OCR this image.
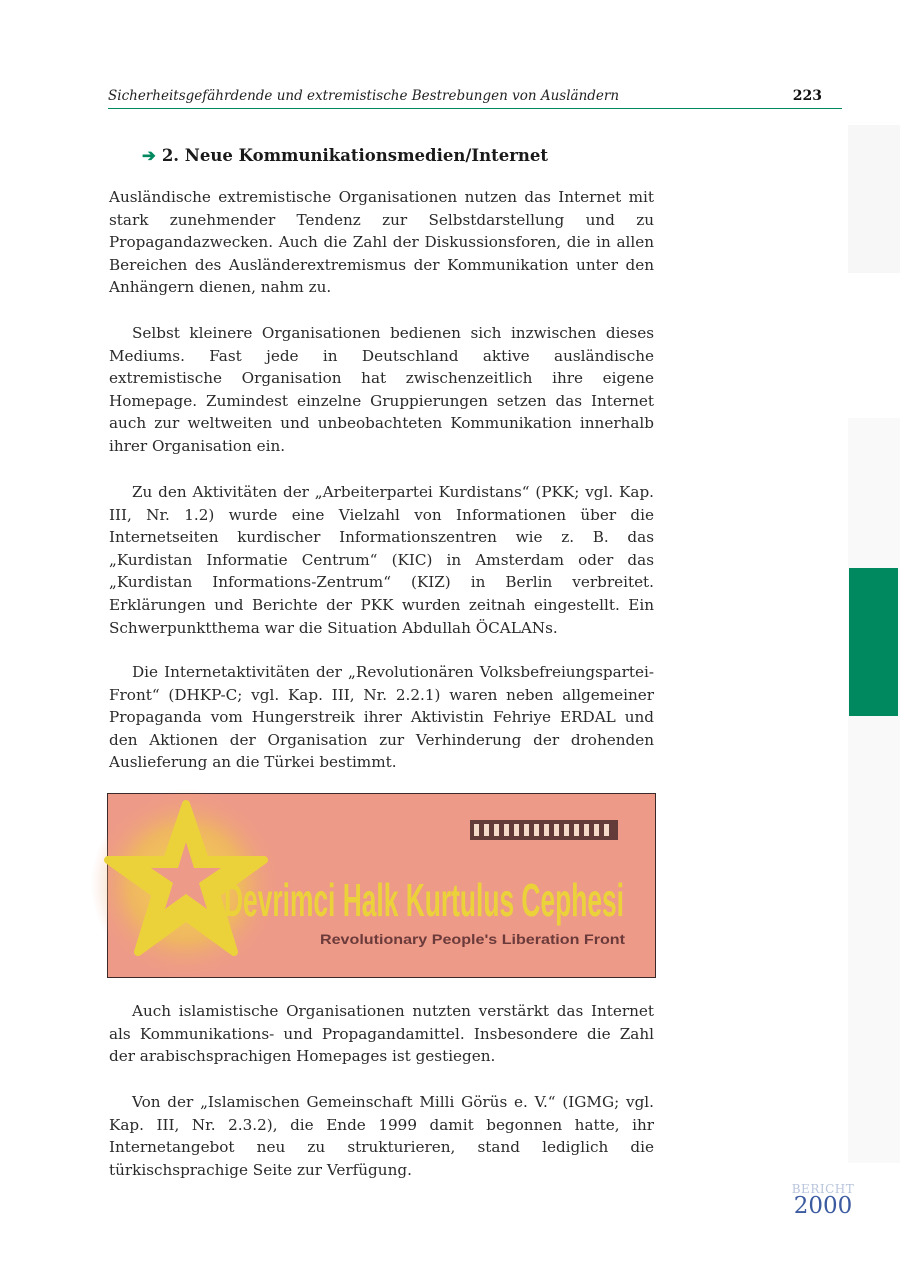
Sicherheitsgefährdende und extremistische Bestrebungen von Ausländern	223
➔ 2. Neue Kommunikationsmedien/Internet

Ausländische extremistische Organisationen nutzen das Internet mit stark zunehmender Tendenz zur Selbstdarstellung und zu Propagandazwecken. Auch die Zahl der Diskussionsforen, die in allen Bereichen des Ausländerextremismus der Kommunikation unter den Anhängern dienen, nahm zu.

Selbst kleinere Organisationen bedienen sich inzwischen dieses Mediums. Fast jede in Deutschland aktive ausländische extremistische Organisation hat zwischenzeitlich ihre eigene Homepage. Zumindest einzelne Gruppierungen setzen das Internet auch zur weltweiten und unbeobachteten Kommunikation innerhalb ihrer Organisation ein.

Zu den Aktivitäten der „Arbeiterpartei Kurdistans“ (PKK; vgl. Kap. III, Nr. 1.2) wurde eine Vielzahl von Informationen über die Internetseiten kurdischer Informationszentren wie z. B. das „Kurdistan Informatie Centrum“ (KIC) in Amsterdam oder das „Kurdistan Informations-Zentrum“ (KIZ) in Berlin verbreitet. Erklärungen und Berichte der PKK wurden zeitnah eingestellt. Ein Schwerpunktthema war die Situation Abdullah ÖCALANs.

Die Internetaktivitäten der „Revolutionären Volksbefreiungspartei-Front“ (DHKP-C; vgl. Kap. III, Nr. 2.2.1) waren neben allgemeiner Propaganda vom Hungerstreik ihrer Aktivistin Fehriye ERDAL und den Aktionen der Organisation zur Verhinderung der drohenden Auslieferung an die Türkei bestimmt.

Devrimci Halk Kurtulus Cephesi
Revolutionary People's Liberation Front

Auch islamistische Organisationen nutzten verstärkt das Internet als Kommunikations- und Propagandamittel. Insbesondere die Zahl der arabischsprachigen Homepages ist gestiegen.

Von der „Islamischen Gemeinschaft Milli Görüs e. V.“ (IGMG; vgl. Kap. III, Nr. 2.3.2), die Ende 1999 damit begonnen hatte, ihr Internetangebot neu zu strukturieren, stand lediglich die türkischsprachige Seite zur Verfügung.

BERICHT
2000
